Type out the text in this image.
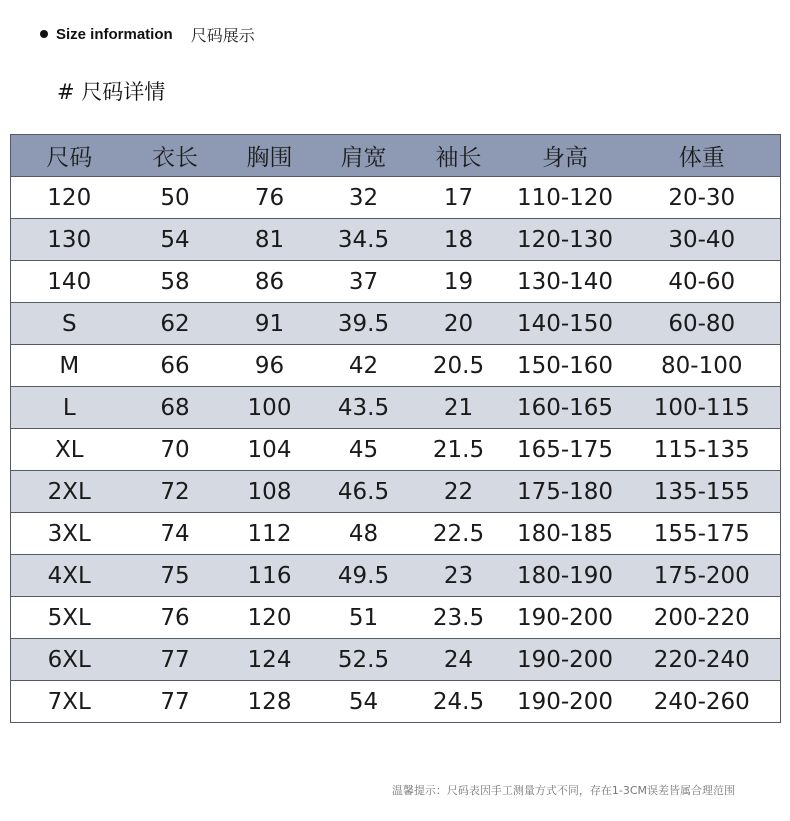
Size information 尺码展示
# 尺码详情
尺码	衣长	胸围	肩宽	袖长	身高	体重
120	50	76	32	17	110-120	20-30
130	54	81	34.5	18	120-130	30-40
140	58	86	37	19	130-140	40-60
S	62	91	39.5	20	140-150	60-80
M	66	96	42	20.5	150-160	80-100
L	68	100	43.5	21	160-165	100-115
XL	70	104	45	21.5	165-175	115-135
2XL	72	108	46.5	22	175-180	135-155
3XL	74	112	48	22.5	180-185	155-175
4XL	75	116	49.5	23	180-190	175-200
5XL	76	120	51	23.5	190-200	200-220
6XL	77	124	52.5	24	190-200	220-240
7XL	77	128	54	24.5	190-200	240-260
温馨提示：尺码表因手工测量方式不同，存在1-3CM误差皆属合理范围
